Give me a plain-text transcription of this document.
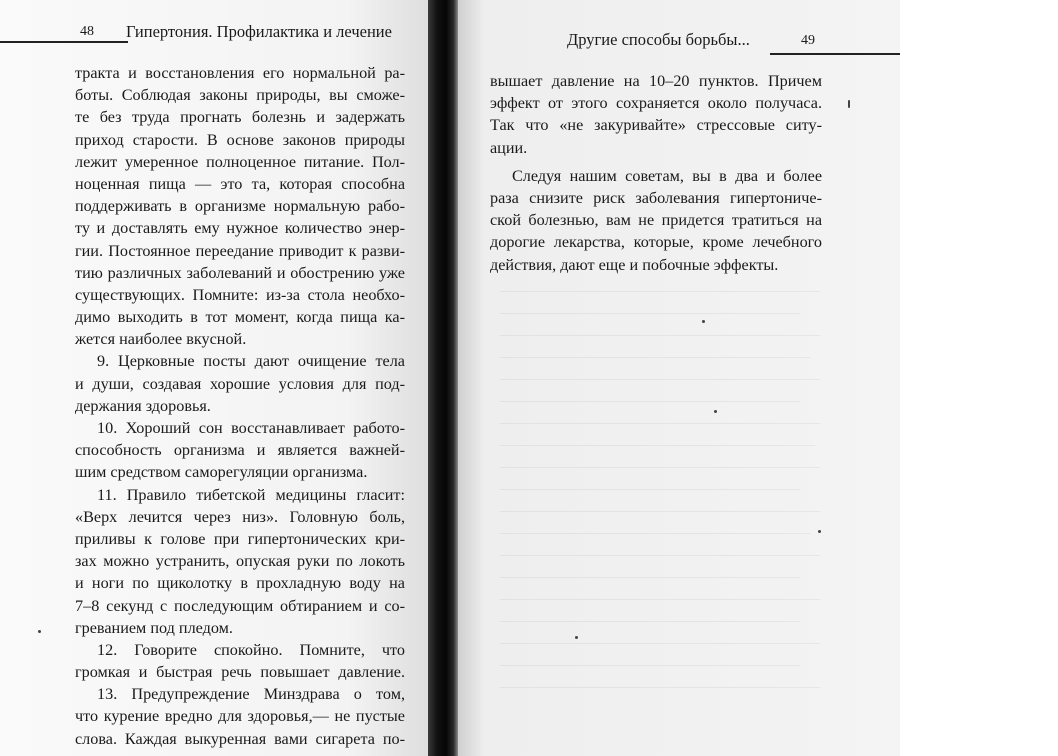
48 Гипертония. Профилактика и лечение	Другие способы борьбы...	49
тракта и восстановления его нормальной ра-
боты. Соблюдая законы природы, вы сможе-
те без труда прогнать болезнь и задержать
приход старости. В основе законов природы
лежит умеренное полноценное питание. Пол-
ноценная пища — это та, которая способна
поддерживать в организме нормальную рабо-
ту и доставлять ему нужное количество энер-
гии. Постоянное переедание приводит к разви-
тию различных заболеваний и обострению уже
существующих. Помните: из-за стола необхо-
димо выходить в тот момент, когда пища ка-
жется наиболее вкусной.
9. Церковные посты дают очищение тела
и души, создавая хорошие условия для под-
держания здоровья.
10. Хороший сон восстанавливает работо-
способность организма и является важней-
шим средством саморегуляции организма.
11. Правило тибетской медицины гласит:
«Верх лечится через низ». Головную боль,
приливы к голове при гипертонических кри-
зах можно устранить, опуская руки по локоть
и ноги по щиколотку в прохладную воду на
7–8 секунд с последующим обтиранием и со-
греванием под пледом.
12. Говорите спокойно. Помните, что
громкая и быстрая речь повышает давление.
13. Предупреждение Минздрава о том,
что курение вредно для здоровья,— не пустые
слова. Каждая выкуренная вами сигарета по-
вышает давление на 10–20 пунктов. Причем
эффект от этого сохраняется около получаса.
Так что «не закуривайте» стрессовые ситу-
ации.
Следуя нашим советам, вы в два и более
раза снизите риск заболевания гипертониче-
ской болезнью, вам не придется тратиться на
дорогие лекарства, которые, кроме лечебного
действия, дают еще и побочные эффекты.
